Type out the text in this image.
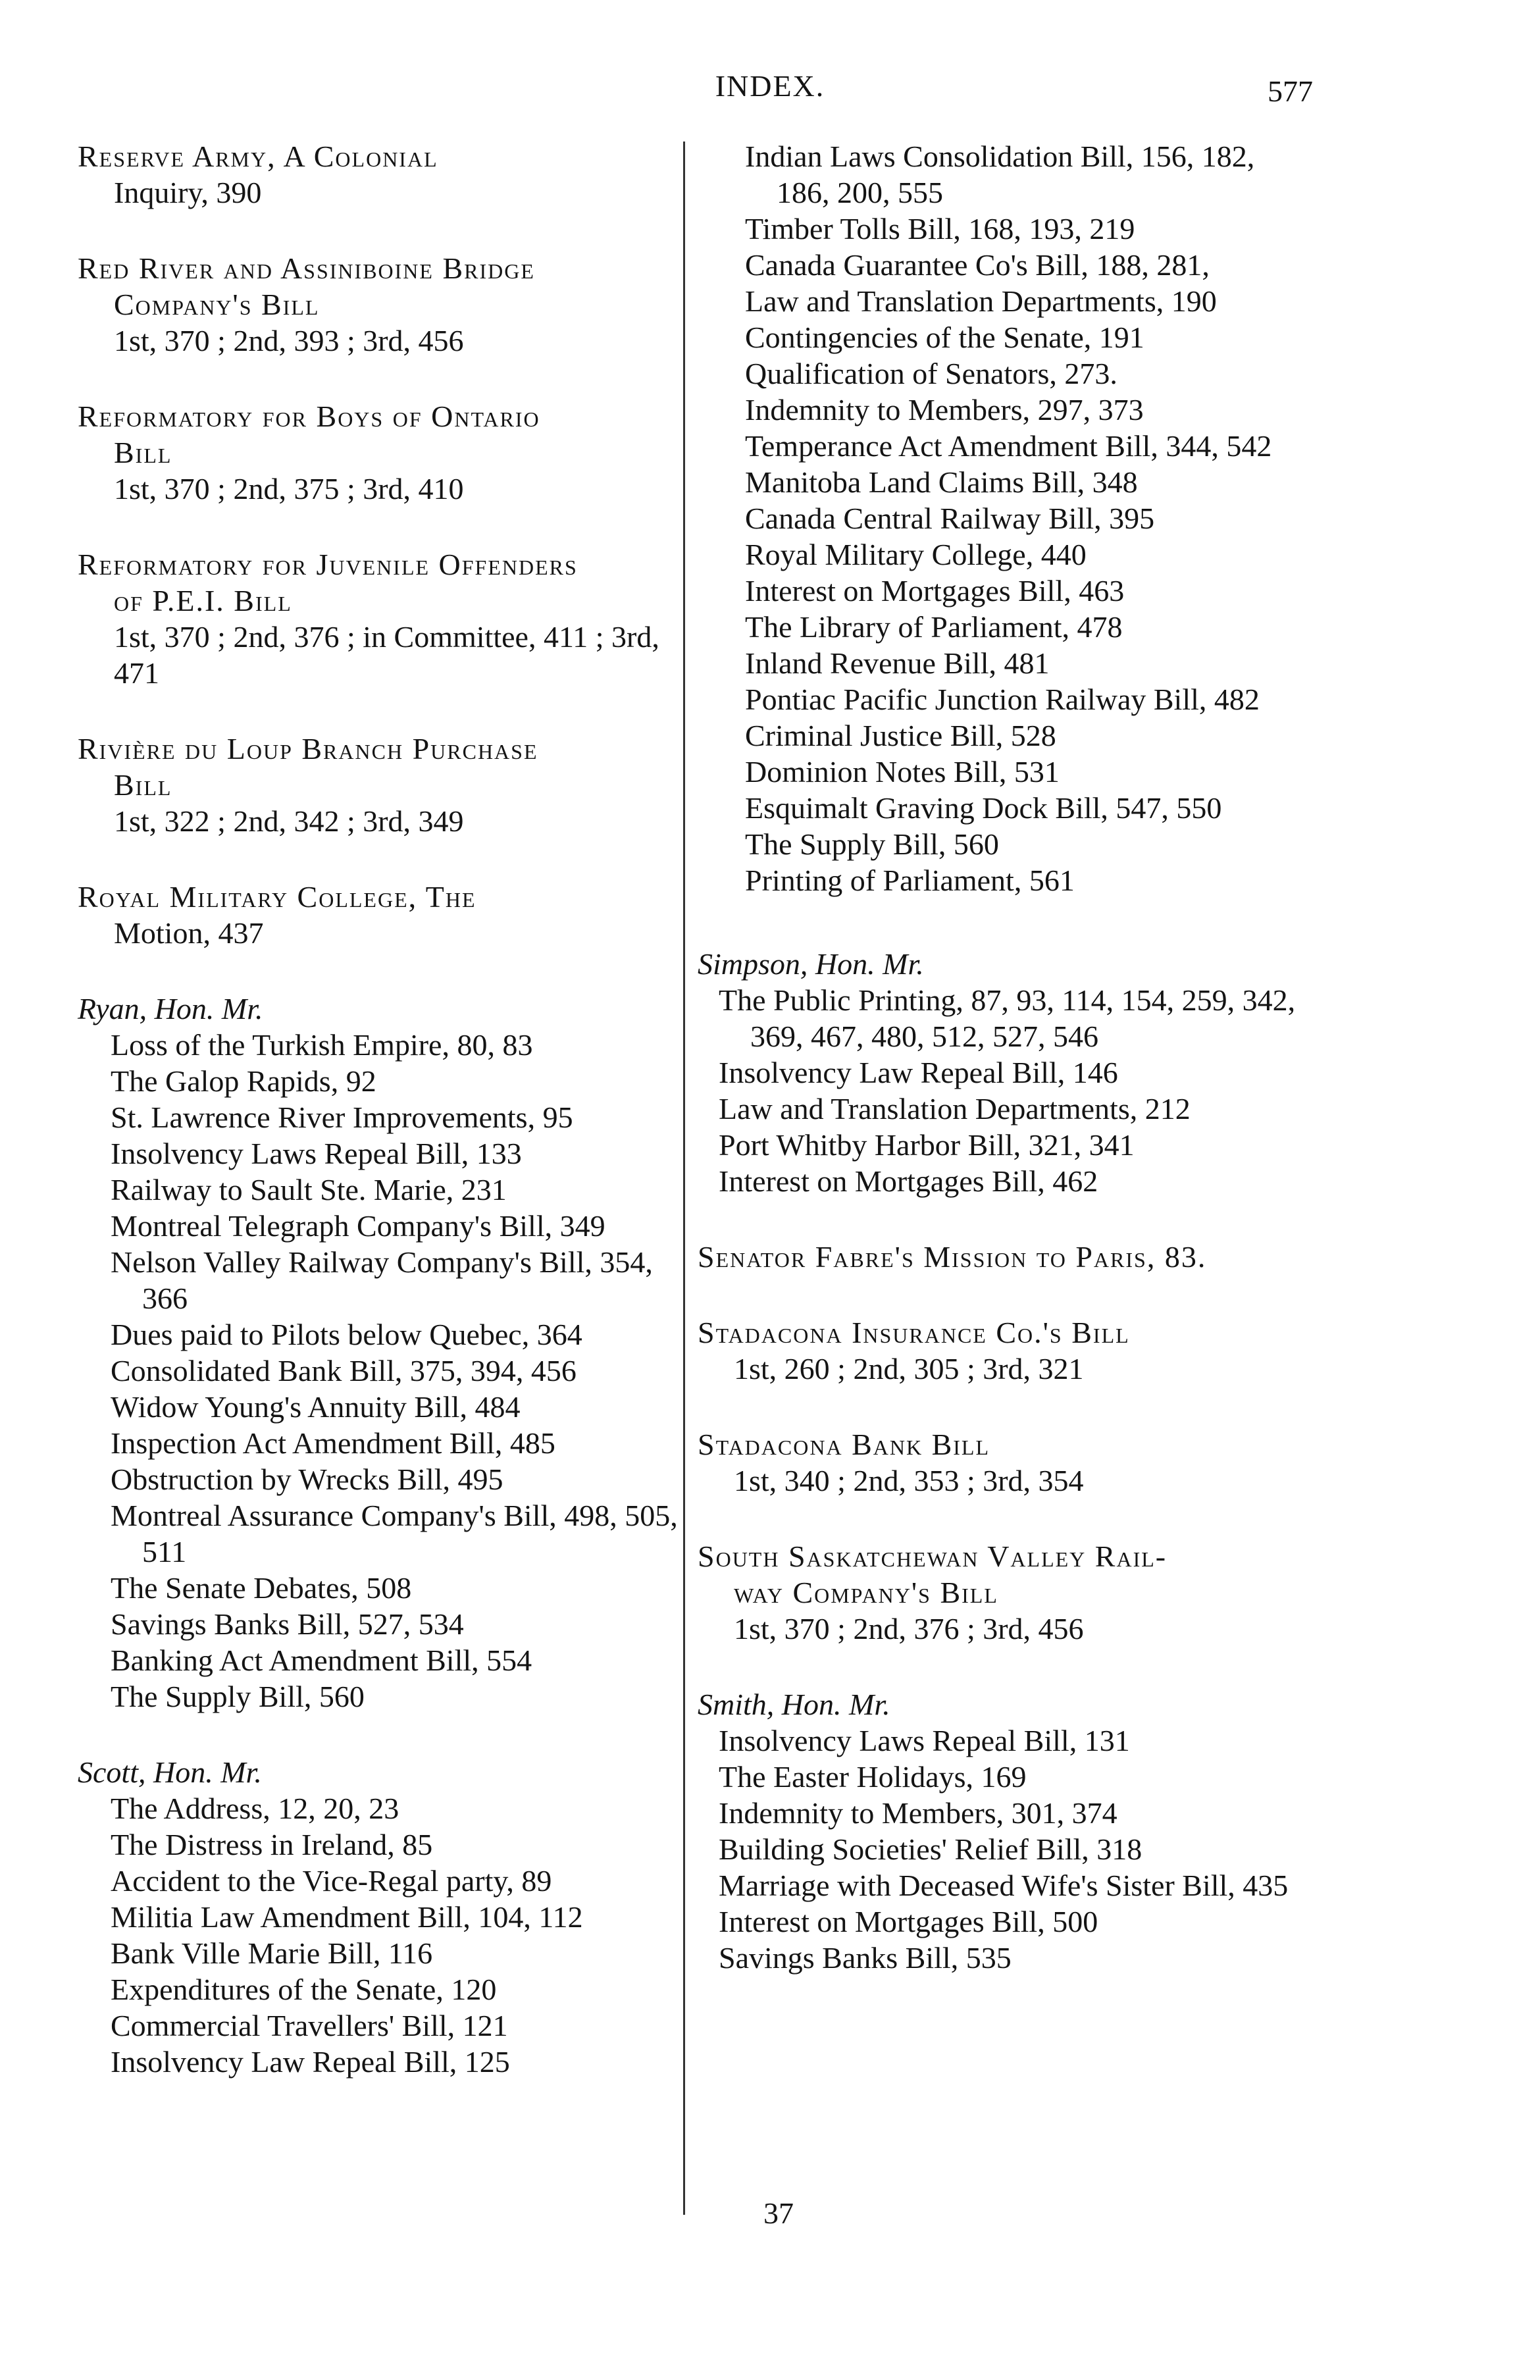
INDEX.	577
Reserve Army, A Colonial
Inquiry, 390
Red River and Assiniboine Bridge
Company's Bill
1st, 370 ; 2nd, 393 ; 3rd, 456
Reformatory for Boys of Ontario
Bill
1st, 370 ; 2nd, 375 ; 3rd, 410
Reformatory for Juvenile Offenders
of P.E.I. Bill
1st, 370 ; 2nd, 376 ; in Committee, 411 ; 3rd, 471
Rivière du Loup Branch Purchase
Bill
1st, 322 ; 2nd, 342 ; 3rd, 349
Royal Military College, The
Motion, 437
Ryan, Hon. Mr.
Loss of the Turkish Empire, 80, 83
The Galop Rapids, 92
St. Lawrence River Improvements, 95
Insolvency Laws Repeal Bill, 133
Railway to Sault Ste. Marie, 231
Montreal Telegraph Company's Bill, 349
Nelson Valley Railway Company's Bill, 354, 366
Dues paid to Pilots below Quebec, 364
Consolidated Bank Bill, 375, 394, 456
Widow Young's Annuity Bill, 484
Inspection Act Amendment Bill, 485
Obstruction by Wrecks Bill, 495
Montreal Assurance Company's Bill, 498, 505, 511
The Senate Debates, 508
Savings Banks Bill, 527, 534
Banking Act Amendment Bill, 554
The Supply Bill, 560
Scott, Hon. Mr.
The Address, 12, 20, 23
The Distress in Ireland, 85
Accident to the Vice-Regal party, 89
Militia Law Amendment Bill, 104, 112
Bank Ville Marie Bill, 116
Expenditures of the Senate, 120
Commercial Travellers' Bill, 121
Insolvency Law Repeal Bill, 125
Indian Laws Consolidation Bill, 156, 182, 186, 200, 555
Timber Tolls Bill, 168, 193, 219
Canada Guarantee Co's Bill, 188, 281,
Law and Translation Departments, 190
Contingencies of the Senate, 191
Qualification of Senators, 273.
Indemnity to Members, 297, 373
Temperance Act Amendment Bill, 344, 542
Manitoba Land Claims Bill, 348
Canada Central Railway Bill, 395
Royal Military College, 440
Interest on Mortgages Bill, 463
The Library of Parliament, 478
Inland Revenue Bill, 481
Pontiac Pacific Junction Railway Bill, 482
Criminal Justice Bill, 528
Dominion Notes Bill, 531
Esquimalt Graving Dock Bill, 547, 550
The Supply Bill, 560
Printing of Parliament, 561
Simpson, Hon. Mr.
The Public Printing, 87, 93, 114, 154, 259, 342, 369, 467, 480, 512, 527, 546
Insolvency Law Repeal Bill, 146
Law and Translation Departments, 212
Port Whitby Harbor Bill, 321, 341
Interest on Mortgages Bill, 462
Senator Fabre's Mission to Paris, 83.
Stadacona Insurance Co.'s Bill
1st, 260 ; 2nd, 305 ; 3rd, 321
Stadacona Bank Bill
1st, 340 ; 2nd, 353 ; 3rd, 354
South Saskatchewan Valley Rail-
way Company's Bill
1st, 370 ; 2nd, 376 ; 3rd, 456
Smith, Hon. Mr.
Insolvency Laws Repeal Bill, 131
The Easter Holidays, 169
Indemnity to Members, 301, 374
Building Societies' Relief Bill, 318
Marriage with Deceased Wife's Sister Bill, 435
Interest on Mortgages Bill, 500
Savings Banks Bill, 535
37
